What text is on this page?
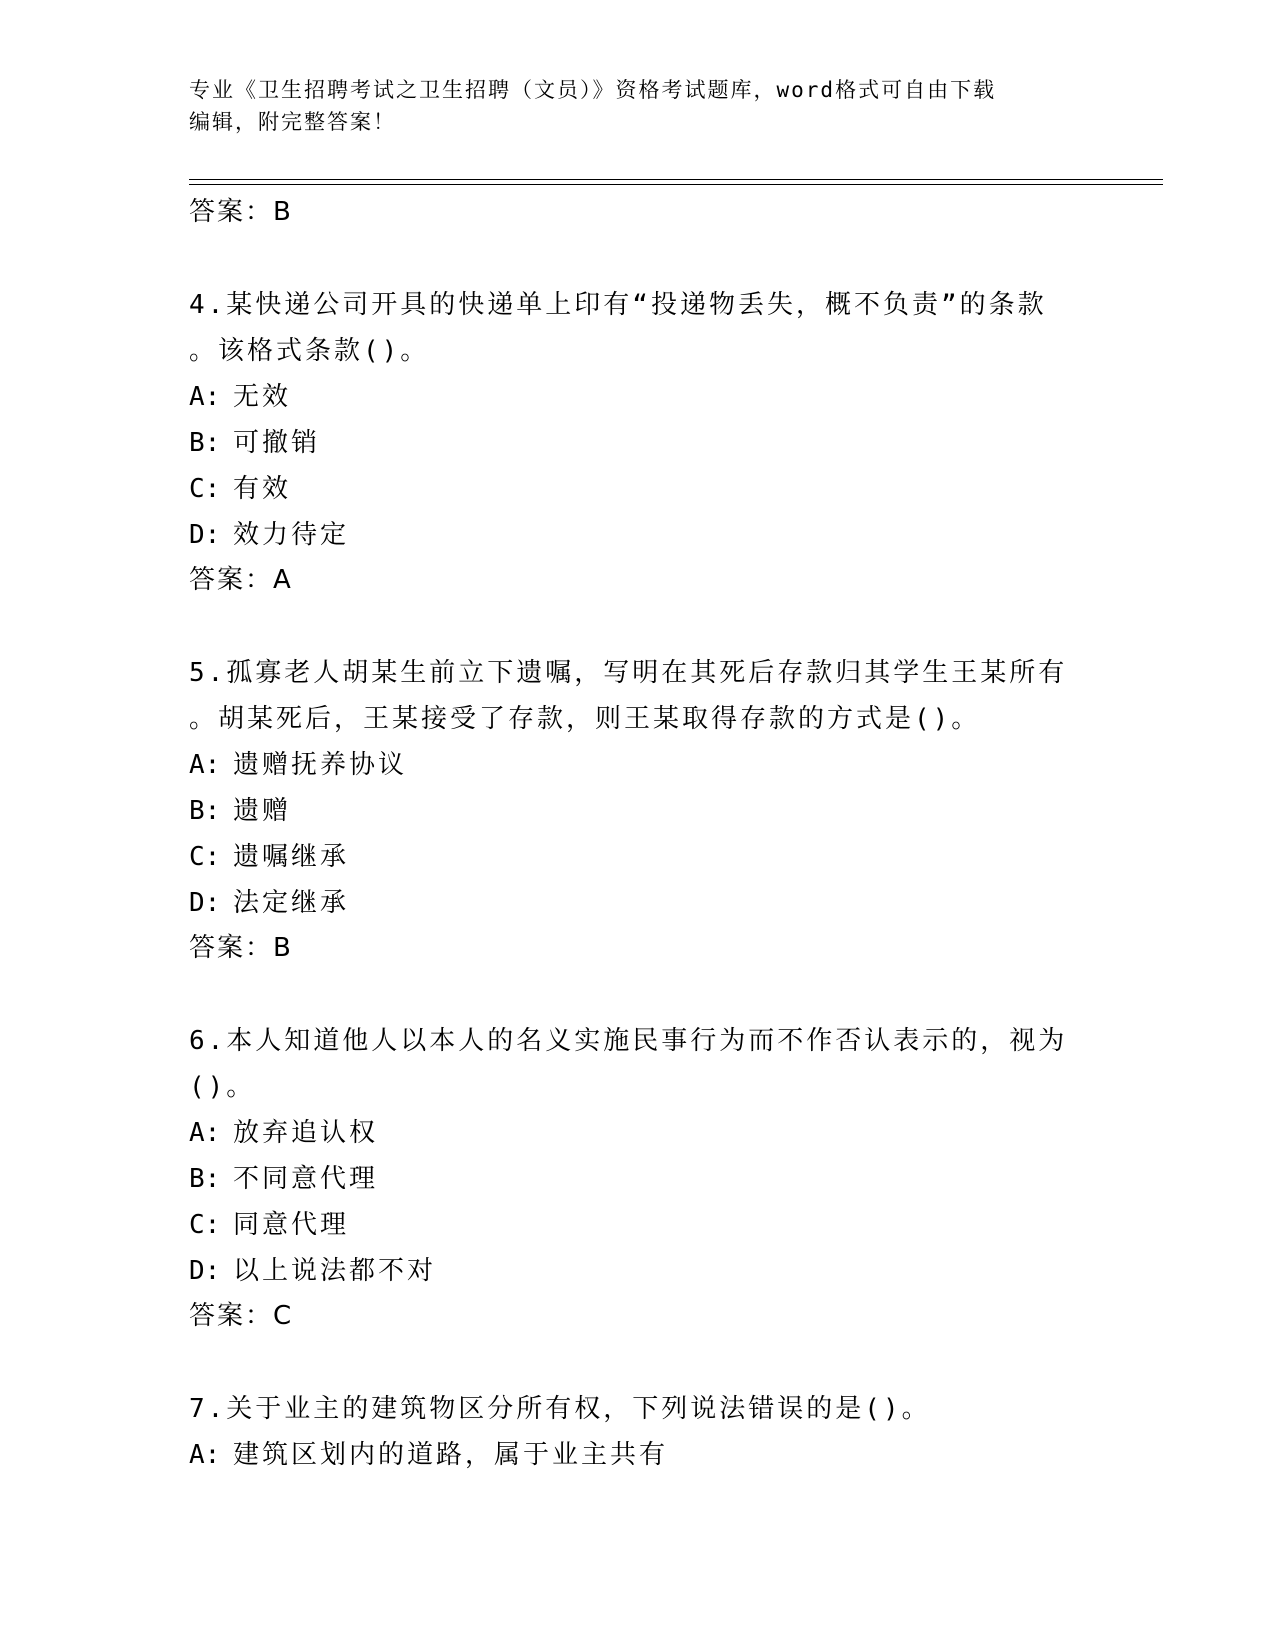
专业《卫生招聘考试之卫生招聘（文员）》资格考试题库，word格式可自由下载
编辑，附完整答案！
答案：B
4.某快递公司开具的快递单上印有“投递物丢失，概不负责”的条款
。该格式条款()。
A: 无效
B: 可撤销
C: 有效
D: 效力待定
答案：A
5.孤寡老人胡某生前立下遗嘱，写明在其死后存款归其学生王某所有
。胡某死后，王某接受了存款，则王某取得存款的方式是()。
A: 遗赠抚养协议
B: 遗赠
C: 遗嘱继承
D: 法定继承
答案：B
6.本人知道他人以本人的名义实施民事行为而不作否认表示的，视为
()。
A: 放弃追认权
B: 不同意代理
C: 同意代理
D: 以上说法都不对
答案：C
7.关于业主的建筑物区分所有权，下列说法错误的是()。
A: 建筑区划内的道路，属于业主共有
